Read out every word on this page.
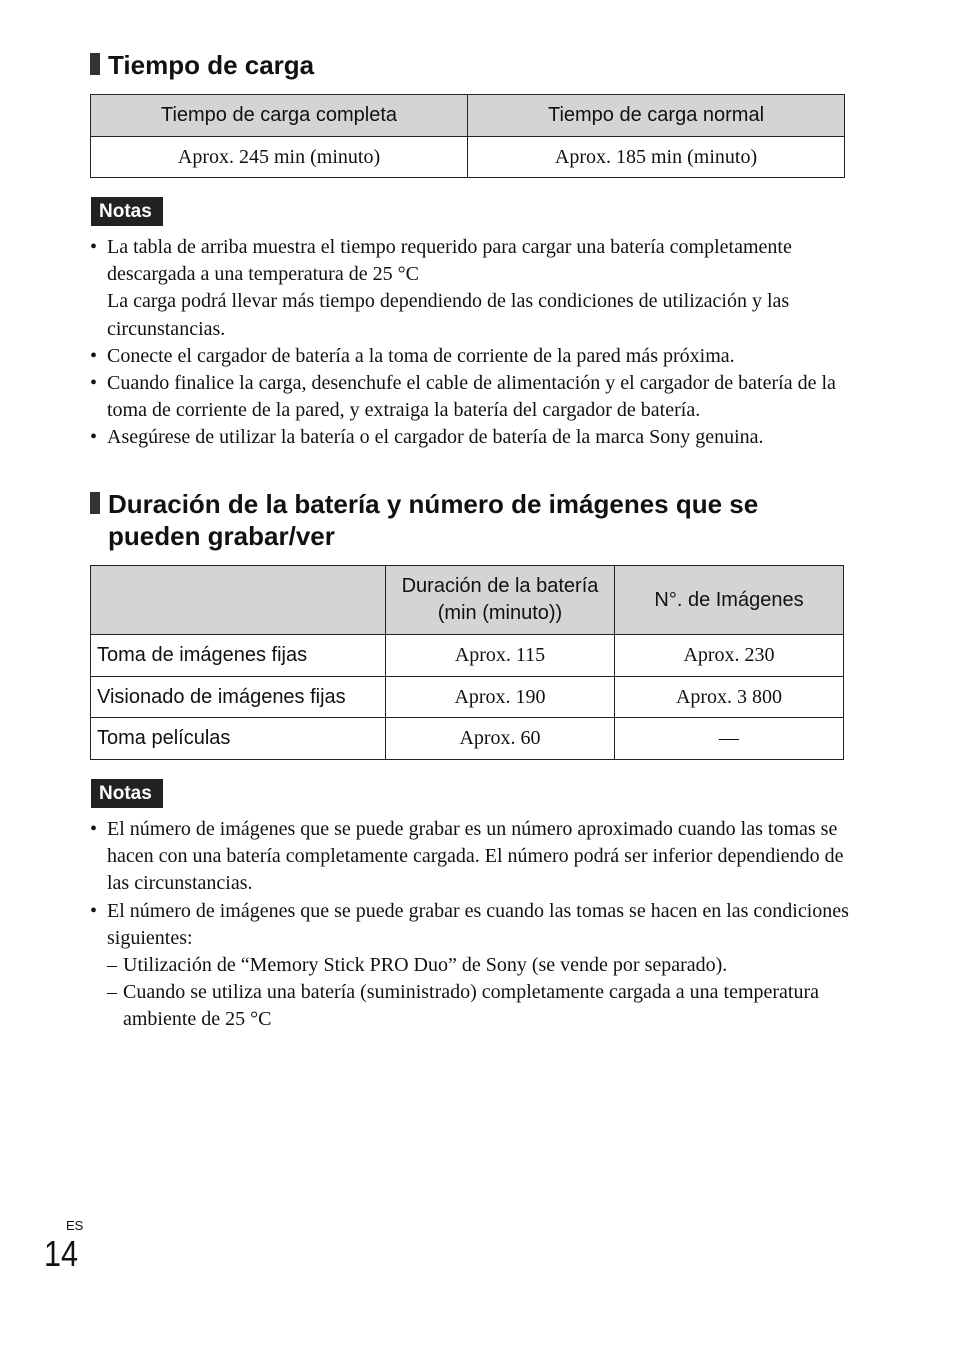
Tiempo de carga
Tiempo de carga completa	Tiempo de carga normal
Aprox. 245 min (minuto)	Aprox. 185 min (minuto)
Notas
• La tabla de arriba muestra el tiempo requerido para cargar una batería completamente descargada a una temperatura de 25 °C

La carga podrá llevar más tiempo dependiendo de las condiciones de utilización y las circunstancias.

• Conecte el cargador de batería a la toma de corriente de la pared más próxima.

• Cuando finalice la carga, desenchufe el cable de alimentación y el cargador de batería de la toma de corriente de la pared, y extraiga la batería del cargador de batería.

• Asegúrese de utilizar la batería o el cargador de batería de la marca Sony genuina.

Duración de la batería y número de imágenes que se pueden grabar/ver
	Duración de la batería (min (minuto))	N°. de Imágenes
Toma de imágenes fijas	Aprox. 115	Aprox. 230
Visionado de imágenes fijas	Aprox. 190	Aprox. 3 800
Toma películas	Aprox. 60	—
Notas
• El número de imágenes que se puede grabar es un número aproximado cuando las tomas se hacen con una batería completamente cargada. El número podrá ser inferior dependiendo de las circunstancias.

• El número de imágenes que se puede grabar es cuando las tomas se hacen en las condiciones siguientes:

– Utilización de “Memory Stick PRO Duo” de Sony (se vende por separado).
– Cuando se utiliza una batería (suministrado) completamente cargada a una temperatura ambiente de 25 °C
ES
14
